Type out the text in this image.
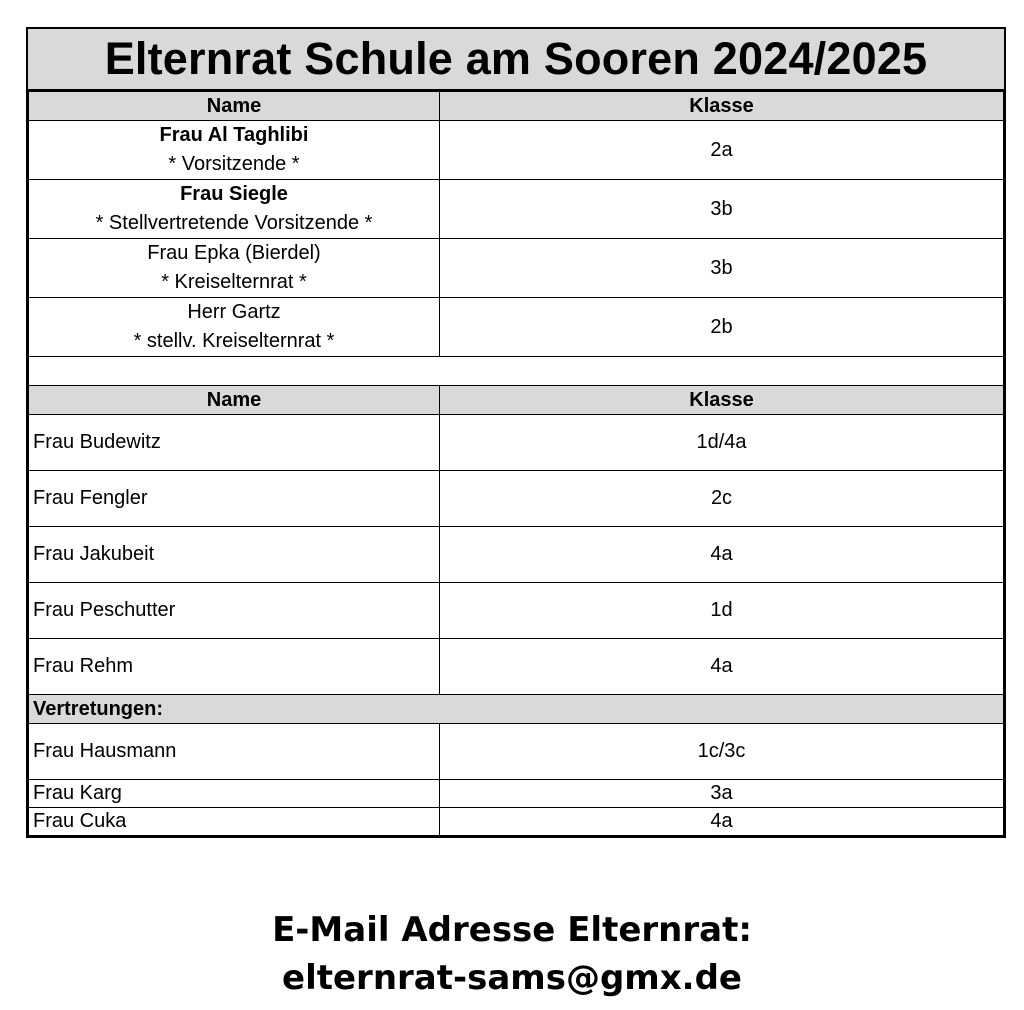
Elternrat Schule am Sooren 2024/2025
Name	Klasse

Frau Al Taghlibi
* Vorsitzende *	2a

Frau Siegle
* Stellvertretende Vorsitzende *	3b

Frau Epka (Bierdel)
* Kreiselternrat *	3b

Herr Gartz
* stellv. Kreiselternrat *	2b

Name	Klasse
Frau Budewitz	1d/4a
Frau Fengler	2c
Frau Jakubeit	4a
Frau Peschutter	1d
Frau Rehm	4a
Vertretungen:	
Frau Hausmann	1c/3c
Frau Karg	3a
Frau Cuka	4a
E-Mail Adresse Elternrat:
elternrat-sams@gmx.de
